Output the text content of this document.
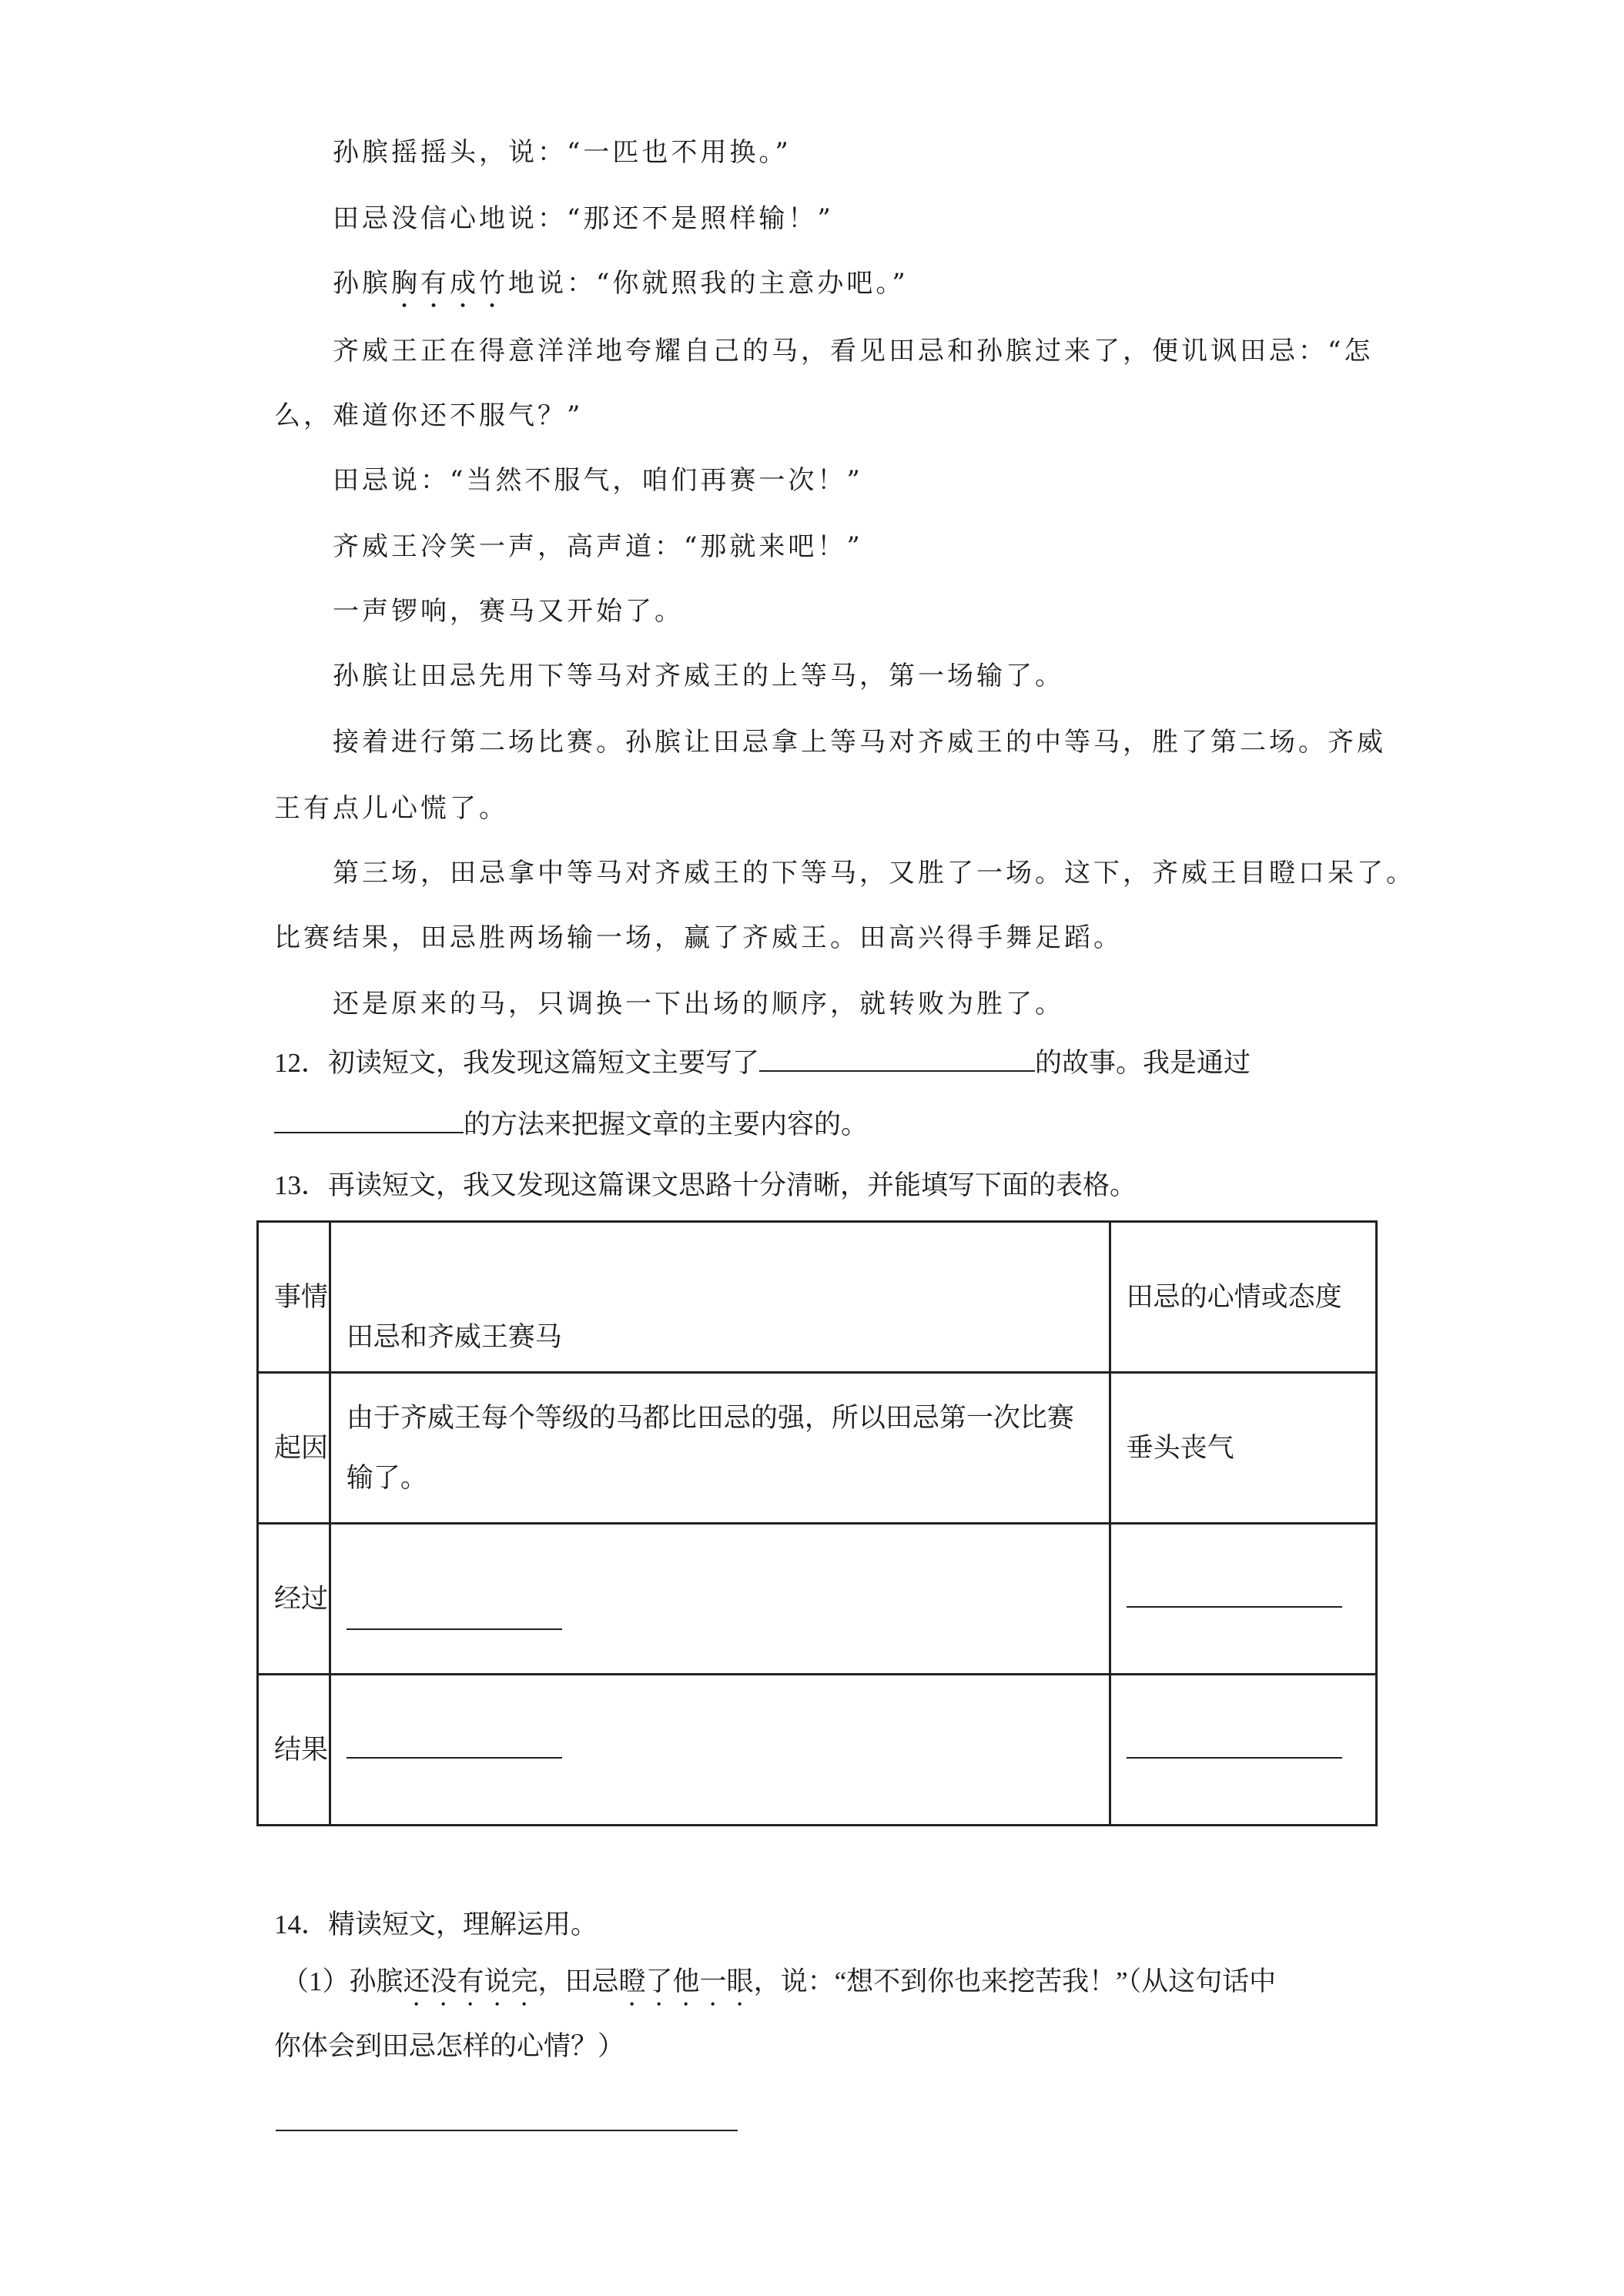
孙膑摇摇头，说：“一匹也不用换。”
田忌没信心地说：“那还不是照样输！”
孙膑胸有成竹地说：“你就照我的主意办吧。”
齐威王正在得意洋洋地夸耀自己的马，看见田忌和孙膑过来了，便讥讽田忌：“怎
么，难道你还不服气？”
田忌说：“当然不服气，咱们再赛一次！”
齐威王冷笑一声，高声道：“那就来吧！”
一声锣响，赛马又开始了。
孙膑让田忌先用下等马对齐威王的上等马，第一场输了。
接着进行第二场比赛。孙膑让田忌拿上等马对齐威王的中等马，胜了第二场。齐威
王有点儿心慌了。
第三场，田忌拿中等马对齐威王的下等马，又胜了一场。这下，齐威王目瞪口呆了。
比赛结果，田忌胜两场输一场，赢了齐威王。田高兴得手舞足蹈。
还是原来的马，只调换一下出场的顺序，就转败为胜了。
12．初读短文，我发现这篇短文主要写了	的故事。我是通过
的方法来把握文章的主要内容的。
13．再读短文，我又发现这篇课文思路十分清晰，并能填写下面的表格。
事情	田忌和齐威王赛马	田忌的心情或态度
起因	由于齐威王每个等级的马都比田忌的强，所以田忌第一次比赛输了。	垂头丧气
经过		
结果		
14．精读短文，理解运用。
（1）孙膑还没有说完，田忌瞪了他一眼，说：“想不到你也来挖苦我！”（从这句话中
你体会到田忌怎样的心情？）
